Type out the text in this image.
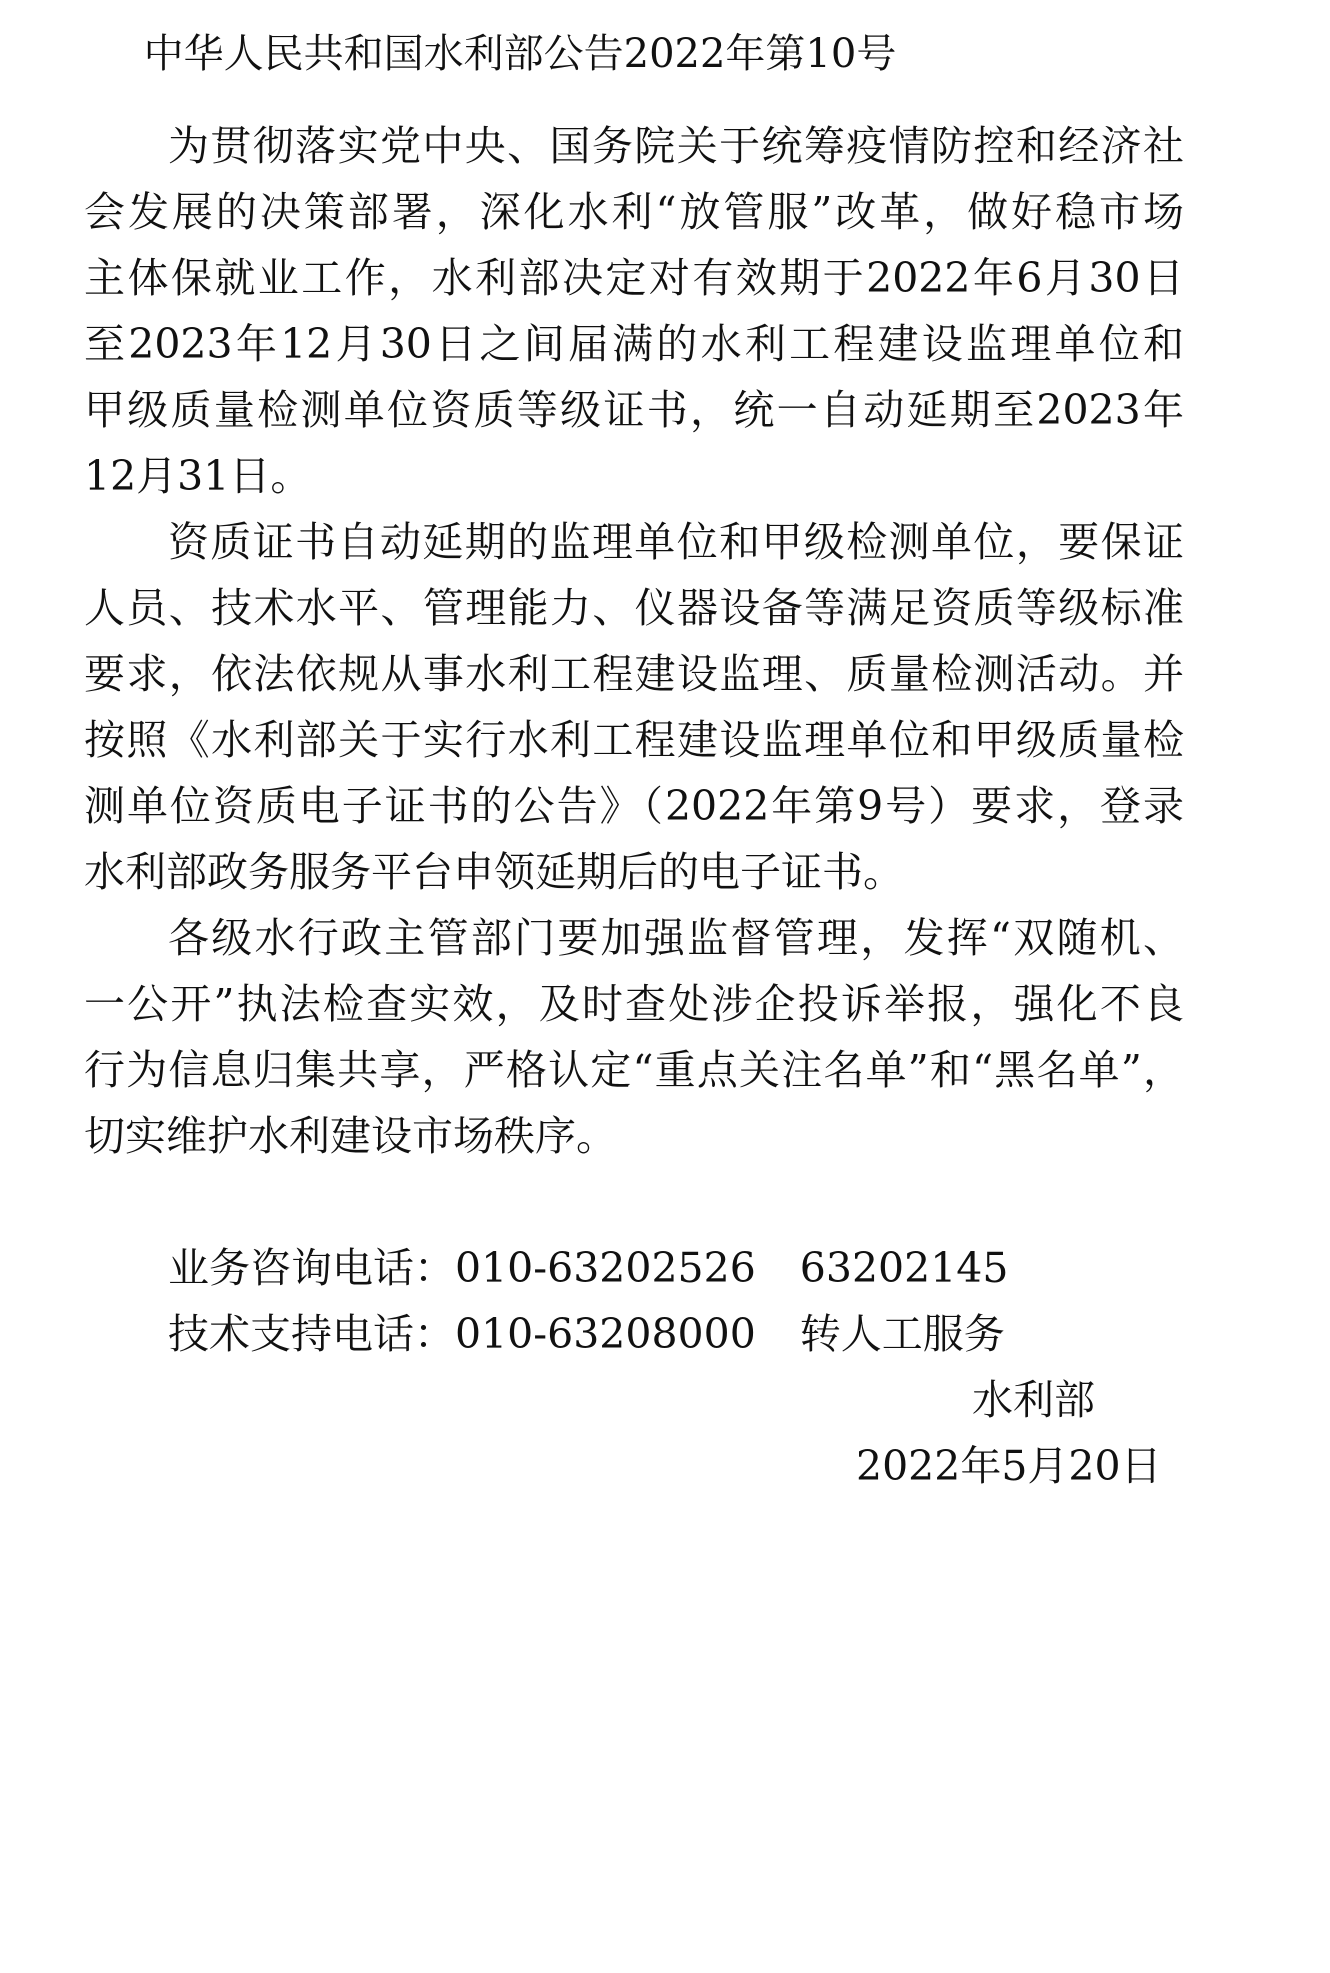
中华人民共和国水利部公告2022年第10号
为贯彻落实党中央、国务院关于统筹疫情防控和经济社
会发展的决策部署，深化水利“放管服”改革，做好稳市场
主体保就业工作，水利部决定对有效期于2022年6月30日
至2023年12月30日之间届满的水利工程建设监理单位和
甲级质量检测单位资质等级证书，统一自动延期至2023年
12月31日。
资质证书自动延期的监理单位和甲级检测单位，要保证
人员、技术水平、管理能力、仪器设备等满足资质等级标准
要求，依法依规从事水利工程建设监理、质量检测活动。并
按照《水利部关于实行水利工程建设监理单位和甲级质量检
测单位资质电子证书的公告》（2022年第9号）要求，登录
水利部政务服务平台申领延期后的电子证书。
各级水行政主管部门要加强监督管理，发挥“双随机、
一公开”执法检查实效，及时查处涉企投诉举报，强化不良
行为信息归集共享，严格认定“重点关注名单”和“黑名单”，
切实维护水利建设市场秩序。
业务咨询电话：010-63202526 63202145
技术支持电话：010-63208000 转人工服务
水利部
2022年5月20日
